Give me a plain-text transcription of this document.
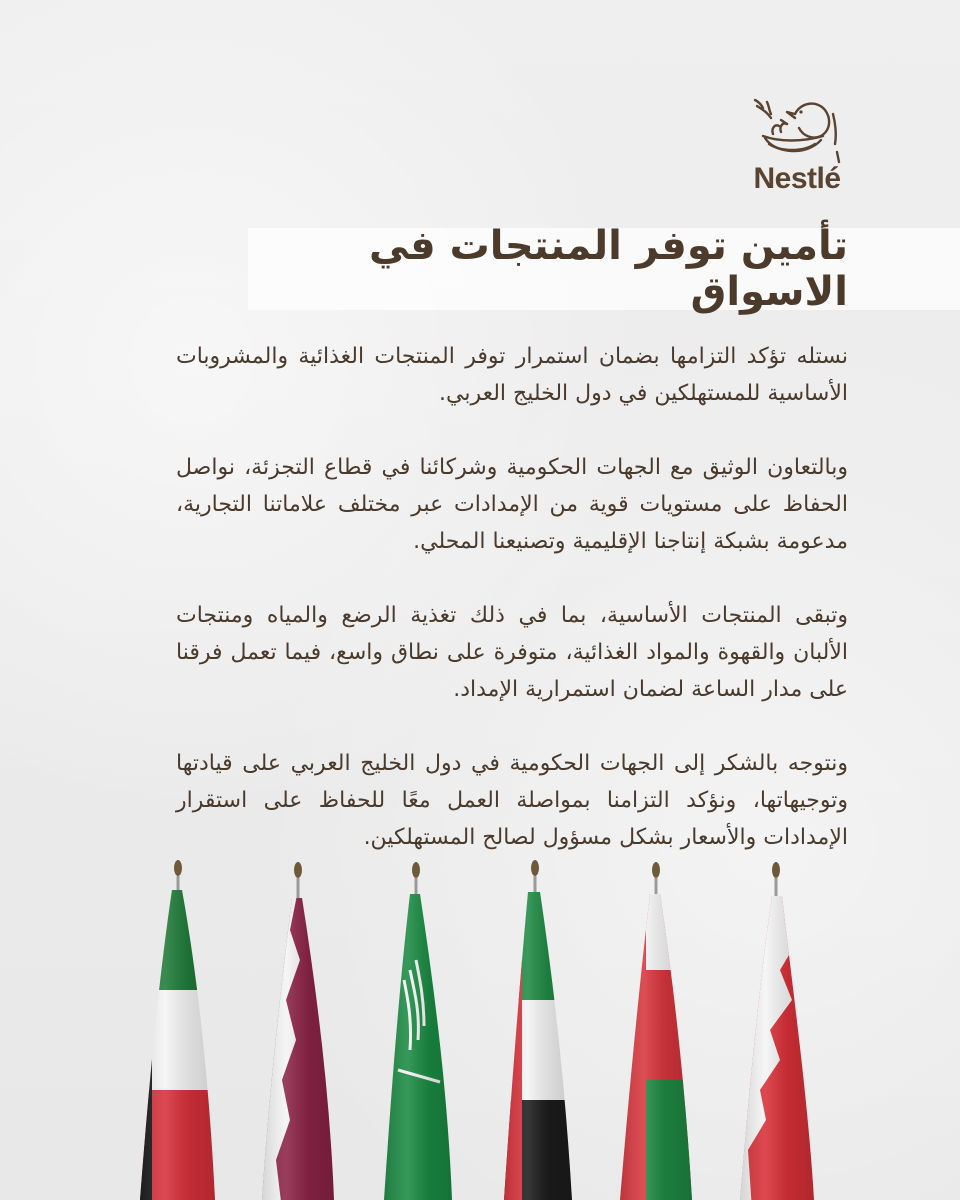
Nestlé
تأمين توفر المنتجات في الاسواق

نستله تؤكد التزامها بضمان استمرار توفر المنتجات الغذائية والمشروبات الأساسية للمستهلكين في دول الخليج العربي.

وبالتعاون الوثيق مع الجهات الحكومية وشركائنا في قطاع التجزئة، نواصل الحفاظ على مستويات قوية من الإمدادات عبر مختلف علاماتنا التجارية، مدعومة بشبكة إنتاجنا الإقليمية وتصنيعنا المحلي.

وتبقى المنتجات الأساسية، بما في ذلك تغذية الرضع والمياه ومنتجات الألبان والقهوة والمواد الغذائية، متوفرة على نطاق واسع، فيما تعمل فرقنا على مدار الساعة لضمان استمرارية الإمداد.

ونتوجه بالشكر إلى الجهات الحكومية في دول الخليج العربي على قيادتها وتوجيهاتها، ونؤكد التزامنا بمواصلة العمل معًا للحفاظ على استقرار الإمدادات والأسعار بشكل مسؤول لصالح المستهلكين.
